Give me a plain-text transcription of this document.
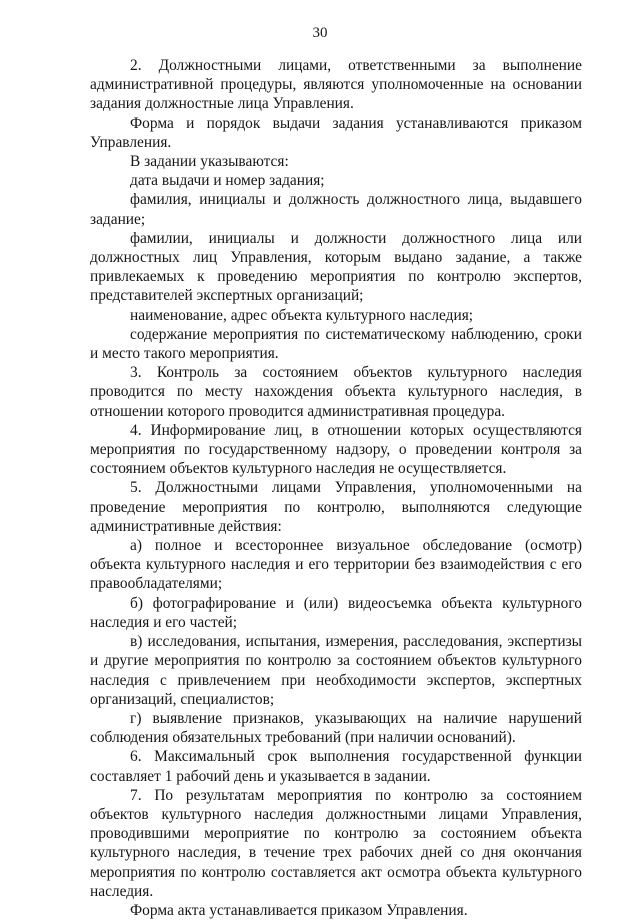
30

2. Должностными лицами, ответственными за выполнение административной процедуры, являются уполномоченные на основании задания должностные лица Управления.

Форма и порядок выдачи задания устанавливаются приказом Управления.

В задании указываются:

дата выдачи и номер задания;

фамилия, инициалы и должность должностного лица, выдавшего задание;

фамилии, инициалы и должности должностного лица или должностных лиц Управления, которым выдано задание, а также привлекаемых к проведению мероприятия по контролю экспертов, представителей экспертных организаций;

наименование, адрес объекта культурного наследия;

содержание мероприятия по систематическому наблюдению, сроки и место такого мероприятия.

3. Контроль за состоянием объектов культурного наследия проводится по месту нахождения объекта культурного наследия, в отношении которого проводится административная процедура.

4. Информирование лиц, в отношении которых осуществляются мероприятия по государственному надзору, о проведении контроля за состоянием объектов культурного наследия не осуществляется.

5. Должностными лицами Управления, уполномоченными на проведение мероприятия по контролю, выполняются следующие административные действия:

а) полное и всестороннее визуальное обследование (осмотр) объекта культурного наследия и его территории без взаимодействия с его правообладателями;

б) фотографирование и (или) видеосъемка объекта культурного наследия и его частей;

в) исследования, испытания, измерения, расследования, экспертизы и другие мероприятия по контролю за состоянием объектов культурного наследия с привлечением при необходимости экспертов, экспертных организаций, специалистов;

г) выявление признаков, указывающих на наличие нарушений соблюдения обязательных требований (при наличии оснований).

6. Максимальный срок выполнения государственной функции составляет 1 рабочий день и указывается в задании.

7. По результатам мероприятия по контролю за состоянием объектов культурного наследия должностными лицами Управления, проводившими мероприятие по контролю за состоянием объекта культурного наследия, в течение трех рабочих дней со дня окончания мероприятия по контролю составляется акт осмотра объекта культурного наследия.

Форма акта устанавливается приказом Управления.
